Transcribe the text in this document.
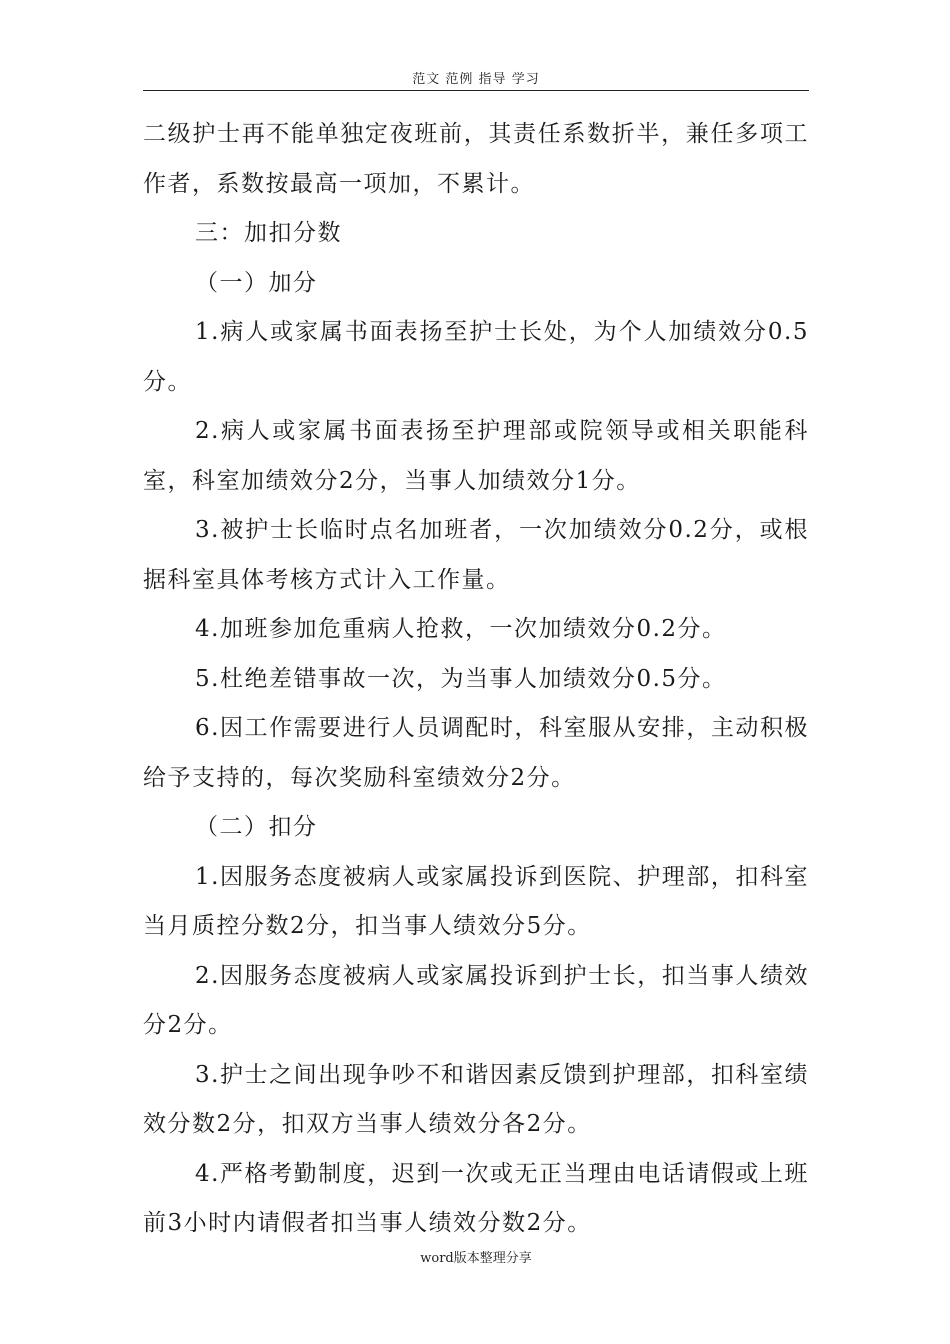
范文 范例 指导 学习

二级护士再不能单独定夜班前，其责任系数折半，兼任多项工作者，系数按最高一项加，不累计。

三：加扣分数

（一）加分

1.病人或家属书面表扬至护士长处，为个人加绩效分0.5分。

2.病人或家属书面表扬至护理部或院领导或相关职能科室，科室加绩效分2分，当事人加绩效分1分。

3.被护士长临时点名加班者，一次加绩效分0.2分，或根据科室具体考核方式计入工作量。

4.加班参加危重病人抢救，一次加绩效分0.2分。

5.杜绝差错事故一次，为当事人加绩效分0.5分。

6.因工作需要进行人员调配时，科室服从安排，主动积极给予支持的，每次奖励科室绩效分2分。

（二）扣分

1.因服务态度被病人或家属投诉到医院、护理部，扣科室当月质控分数2分，扣当事人绩效分5分。

2.因服务态度被病人或家属投诉到护士长，扣当事人绩效分2分。

3.护士之间出现争吵不和谐因素反馈到护理部，扣科室绩效分数2分，扣双方当事人绩效分各2分。

4.严格考勤制度，迟到一次或无正当理由电话请假或上班前3小时内请假者扣当事人绩效分数2分。

word版本整理分享
